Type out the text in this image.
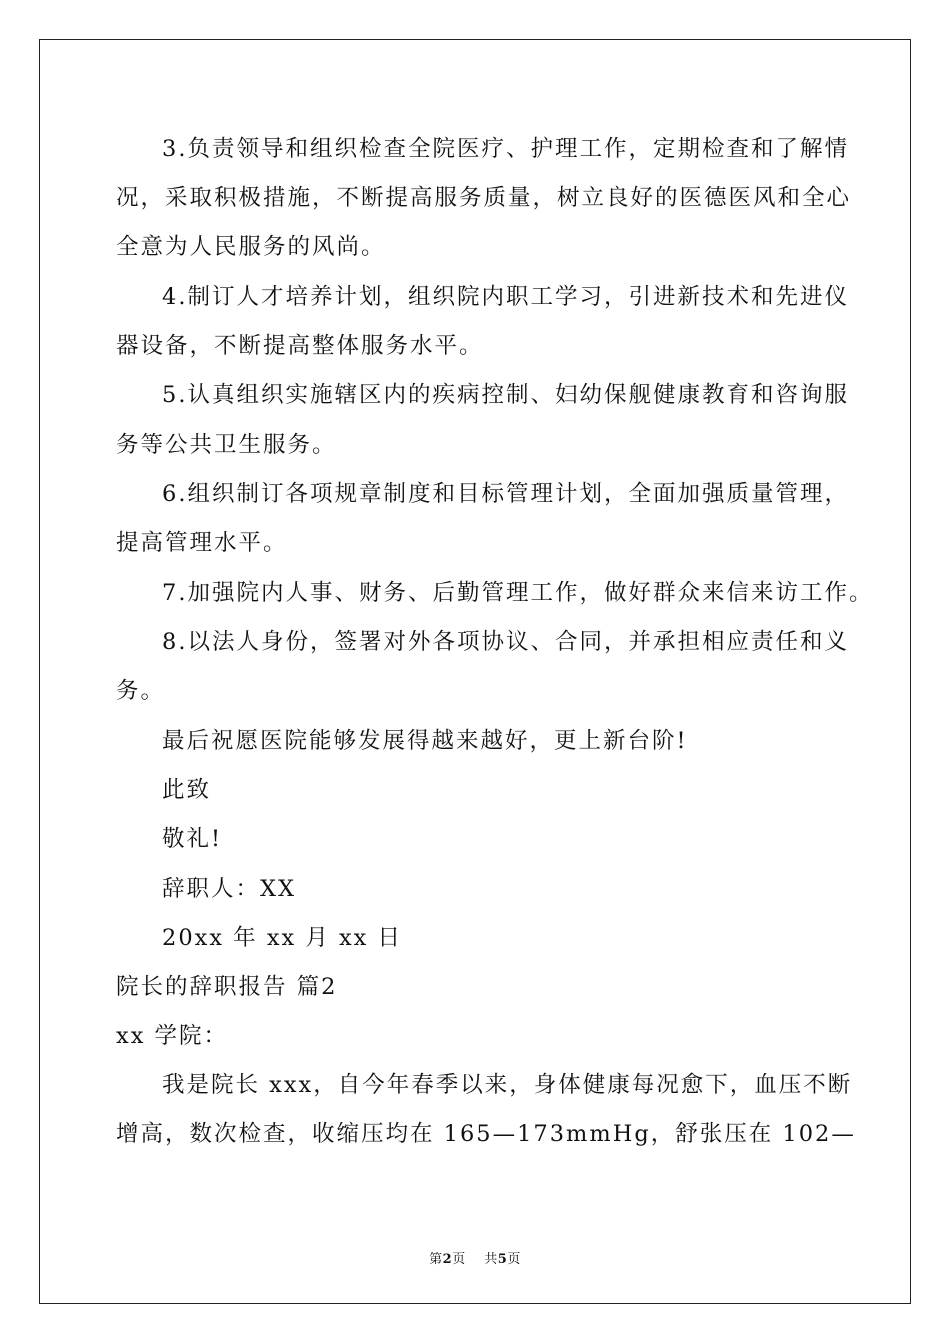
3.负责领导和组织检查全院医疗、护理工作，定期检查和了解情
况，采取积极措施，不断提高服务质量，树立良好的医德医风和全心
全意为人民服务的风尚。
4.制订人才培养计划，组织院内职工学习，引进新技术和先进仪
器设备，不断提高整体服务水平。
5.认真组织实施辖区内的疾病控制、妇幼保舰健康教育和咨询服
务等公共卫生服务。
6.组织制订各项规章制度和目标管理计划，全面加强质量管理，
提高管理水平。
7.加强院内人事、财务、后勤管理工作，做好群众来信来访工作。
8.以法人身份，签署对外各项协议、合同，并承担相应责任和义
务。
最后祝愿医院能够发展得越来越好，更上新台阶!
此致
敬礼!
辞职人：XX
20xx 年 xx 月 xx 日
院长的辞职报告 篇2
xx 学院：
我是院长 xxx，自今年春季以来，身体健康每况愈下，血压不断
增高，数次检查，收缩压均在 165—173mmHg，舒张压在 102—
第2页 共5页
